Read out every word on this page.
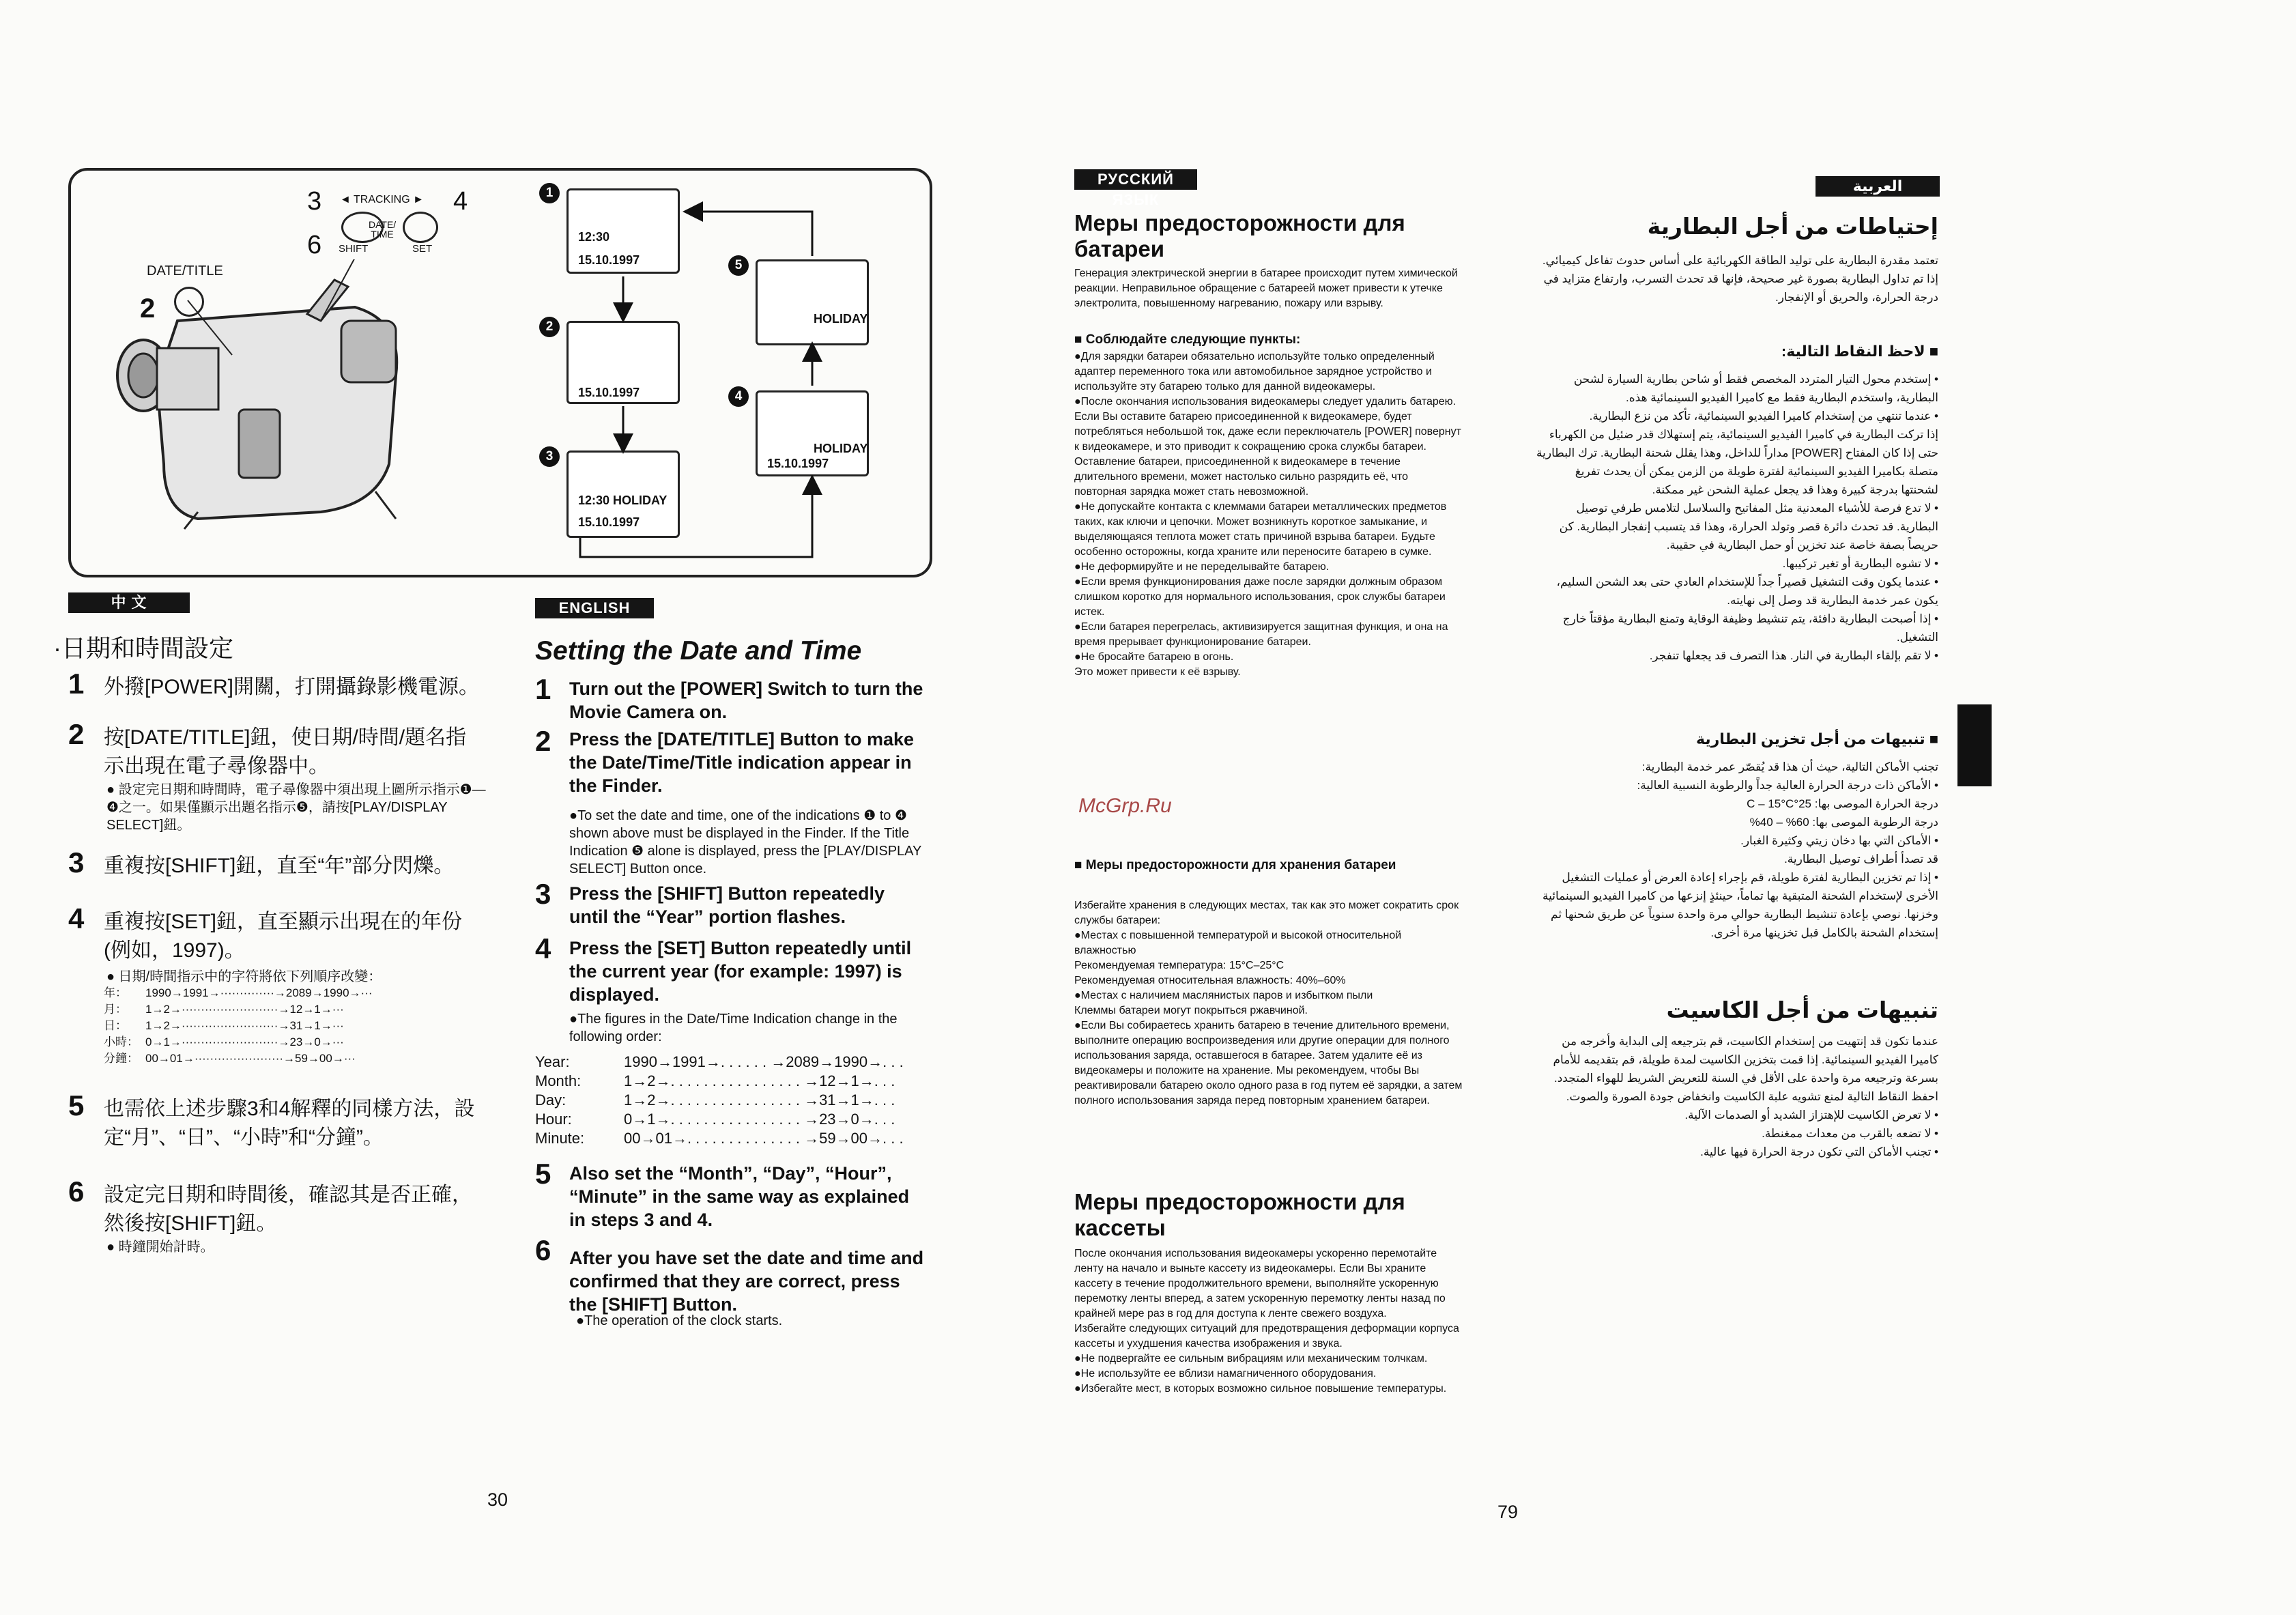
3 ◄ TRACKING ► 4
DATE/ TIME
6 SHIFT	SET
DATE/TITLE
2
1
12:30
15.10.1997
2
15.10.1997
3
12:30 HOLIDAY
15.10.1997
4
HOLIDAY
15.10.1997
5
HOLIDAY
中 文
·日期和時間設定
1 外撥[POWER]開關，打開攝錄影機電源。
2 按[DATE/TITLE]鈕，使日期/時間/題名指示出現在電子尋像器中。
● 設定完日期和時間時，電子尋像器中須出現上圖所示指示❶—❹之一。如果僅顯示出題名指示❺，請按[PLAY/DISPLAY SELECT]鈕。
3 重複按[SHIFT]鈕，直至“年”部分閃爍。
4 重複按[SET]鈕，直至顯示出現在的年份(例如，1997)。
● 日期/時間指示中的字符將依下列順序改變：
年：	1990→1991→··············→2089→1990→···
月：	1→2→·························→12→1→···
日：	1→2→·························→31→1→···
小時：	0→1→·························→23→0→···
分鐘：	00→01→·······················→59→00→···
5 也需依上述步驟3和4解釋的同樣方法，設定“月”、“日”、“小時”和“分鐘”。
6 設定完日期和時間後，確認其是否正確，然後按[SHIFT]鈕。
● 時鐘開始計時。
ENGLISH
Setting the Date and Time
1 Turn out the [POWER] Switch to turn the Movie Camera on.
2 Press the [DATE/TITLE] Button to make the Date/Time/Title indication appear in the Finder.
●To set the date and time, one of the indications ❶ to ❹ shown above must be displayed in the Finder. If the Title Indication ❺ alone is displayed, press the [PLAY/DISPLAY SELECT] Button once.
3 Press the [SHIFT] Button repeatedly until the “Year” portion flashes.
4 Press the [SET] Button repeatedly until the current year (for example: 1997) is displayed.
●The figures in the Date/Time Indication change in the following order:
Year:	1990→1991→. . . . . . →2089→1990→. . .
Month:	1→2→. . . . . . . . . . . . . . . . →12→1→. . .
Day:	1→2→. . . . . . . . . . . . . . . . →31→1→. . .
Hour:	0→1→. . . . . . . . . . . . . . . . →23→0→. . .
Minute:	00→01→. . . . . . . . . . . . . . →59→00→. . .
5 Also set the “Month”, “Day”, “Hour”, “Minute” in the same way as explained in steps 3 and 4.
6 After you have set the date and time and confirmed that they are correct, press the [SHIFT] Button.
●The operation of the clock starts.
30
РУССКИЙ ЯЗЫК
Меры предосторожности для батареи
Генерация электрической энергии в батарее происходит путем химической реакции. Неправильное обращение с батареей может привести к утечке электролита, повышенному нагреванию, пожару или взрыву.
■ Соблюдайте следующие пункты:
●Для зарядки батареи обязательно используйте только определенный адаптер переменного тока или автомобильное зарядное устройство и используйте эту батарею только для данной видеокамеры.
●После окончания использования видеокамеры следует удалить батарею.
Если Вы оставите батарею присоединенной к видеокамере, будет потребляться небольшой ток, даже если переключатель [POWER] повернут к видеокамере, и это приводит к сокращению срока службы батареи. Оставление батареи, присоединенной к видеокамере в течение длительного времени, может настолько сильно разрядить её, что повторная зарядка может стать невозможной.
●Не допускайте контакта с клеммами батареи металлических предметов таких, как ключи и цепочки. Может возникнуть короткое замыкание, и выделяющаяся теплота может стать причиной взрыва батареи. Будьте особенно осторожны, когда храните или переносите батарею в сумке.
●Не деформируйте и не переделывайте батарею.
●Если время функционирования даже после зарядки должным образом слишком коротко для нормального использования, срок службы батареи истек.
●Если батарея перегрелась, активизируется защитная функция, и она на время прерывает функционирование батареи.
●Не бросайте батарею в огонь.
Это может привести к её взрыву.
■ Меры предосторожности для хранения батареи
Избегайте хранения в следующих местах, так как это может сократить срок службы батареи:
●Местах с повышенной температурой и высокой относительной влажностью
Рекомендуемая температура: 15°C–25°C
Рекомендуемая относительная влажность: 40%–60%
●Местах с наличием маслянистых паров и избытком пыли
Клеммы батареи могут покрыться ржавчиной.
●Если Вы собираетесь хранить батарею в течение длительного времени, выполните операцию воспроизведения или другие операции для полного использования заряда, оставшегося в батарее. Затем удалите её из видеокамеры и положите на хранение. Мы рекомендуем, чтобы Вы реактивировали батарею около одного раза в год путем её зарядки, а затем полного использования заряда перед повторным хранением батареи.
Меры предосторожности для кассеты
После окончания использования видеокамеры ускоренно перемотайте ленту на начало и выньте кассету из видеокамеры. Если Вы храните кассету в течение продолжительного времени, выполняйте ускоренную перемотку ленты вперед, а затем ускоренную перемотку ленты назад по крайней мере раз в год для доступа к ленте свежего воздуха.
Избегайте следующих ситуаций для предотвращения деформации корпуса кассеты и ухудшения качества изображения и звука.
●Не подвергайте ее сильным вибрациям или механическим толчкам.
●Не используйте ее вблизи намагниченного оборудования.
●Избегайте мест, в которых возможно сильное повышение температуры.
79
العربية
إحتياطات من أجل البطارية
تعتمد مقدرة البطارية على توليد الطاقة الكهربائية على أساس حدوث تفاعل كيميائي. إذا تم تداول البطارية بصورة غير صحيحة، فإنها قد تحدث التسرب، وارتفاع متزايد في درجة الحرارة، والحريق أو الإنفجار.
■ لاحظ النقاط التالية:
• إستخدم محول التيار المتردد المخصص فقط أو شاحن بطارية السيارة لشحن البطارية، واستخدم البطارية فقط مع كاميرا الفيديو السينمائية هذه.
• عندما تنتهي من إستخدام كاميرا الفيديو السينمائية، تأكد من نزع البطارية.
إذا تركت البطارية في كاميرا الفيديو السينمائية، يتم إستهلاك قدر ضئيل من الكهرباء حتى إذا كان المفتاح [POWER] مداراً للداخل، وهذا يقلل شحنة البطارية. ترك البطارية متصلة بكاميرا الفيديو السينمائية لفترة طويلة من الزمن يمكن أن يحدث تفريغ لشحنتها بدرجة كبيرة وهذا قد يجعل عملية الشحن غير ممكنة.
• لا تدع فرصة للأشياء المعدنية مثل المفاتيح والسلاسل لتلامس طرفي توصيل البطارية. قد تحدث دائرة قصر وتولد الحرارة، وهذا قد يتسبب إنفجار البطارية. كن حريصاً بصفة خاصة عند تخزين أو حمل البطارية في حقيبة.
• لا تشوه البطارية أو تغير تركيبها.
• عندما يكون وقت التشغيل قصيراً جداً للإستخدام العادي حتى بعد الشحن السليم، يكون عمر خدمة البطارية قد وصل إلى نهايته.
• إذا أصبحت البطارية دافئة، يتم تنشيط وظيفة الوقاية وتمنع البطارية مؤقتاً خارج التشغيل.
• لا تقم بإلقاء البطارية في النار. هذا التصرف قد يجعلها تنفجر.
■ تنبيهات من أجل تخزين البطارية
تجنب الأماكن التالية، حيث أن هذا قد يُقصّر عمر خدمة البطارية:
• الأماكن ذات درجة الحرارة العالية جداً والرطوبة النسبية العالية:
درجة الحرارة الموصى بها: 25°C – 15°C
درجة الرطوبة الموصى بها: 60% – 40%
• الأماكن التي بها دخان زيتي وكثيرة الغبار.
قد تصدأ أطراف توصيل البطارية.
• إذا تم تخزين البطارية لفترة طويلة، قم بإجراء إعادة العرض أو عمليات التشغيل الأخرى لإستخدام الشحنة المتبقية بها تماماً، حينئذٍ إنزعها من كاميرا الفيديو السينمائية وخزنها. نوصي بإعادة تنشيط البطارية حوالي مرة واحدة سنوياً عن طريق شحنها ثم إستخدام الشحنة بالكامل قبل تخزينها مرة أخرى.
تنبيهات من أجل الكاسيت
عندما تكون قد إنتهيت من إستخدام الكاسيت، قم بترجيعه إلى البداية وأخرجه من كاميرا الفيديو السينمائية. إذا قمت بتخزين الكاسيت لمدة طويلة، قم بتقديمه للأمام بسرعة وترجيعه مرة واحدة على الأقل في السنة للتعريض الشريط للهواء المتجدد.
احفظ النقاط التالية لمنع تشويه علبة الكاسيت وانخفاض جودة الصورة والصوت.
• لا تعرض الكاسيت للإهتزاز الشديد أو الصدمات الآلية.
• لا تضعه بالقرب من معدات ممغنطة.
• تجنب الأماكن التي تكون درجة الحرارة فيها عالية.
McGrp.Ru
